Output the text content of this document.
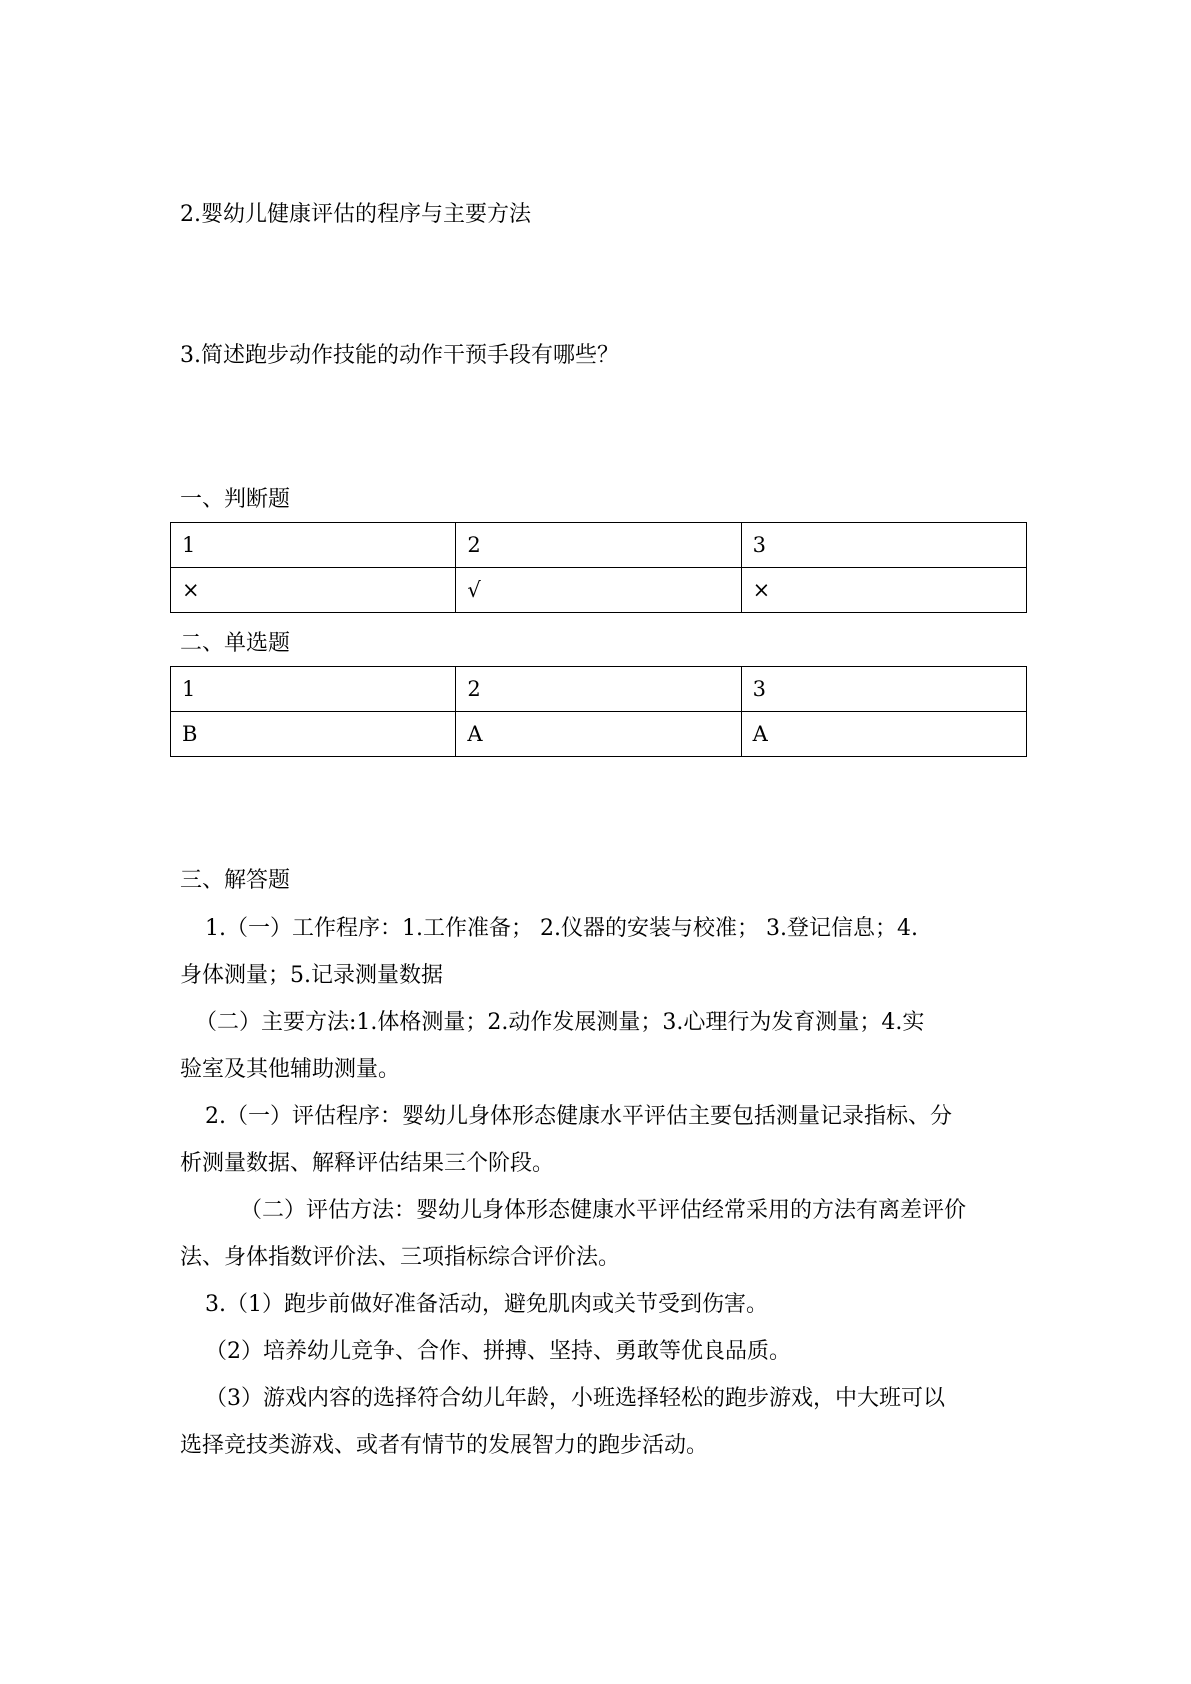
2.婴幼儿健康评估的程序与主要方法
3.简述跑步动作技能的动作干预手段有哪些？
一、判断题
1	2	3
×	√	×
二、单选题
1	2	3
B	A	A
三、解答题
1.（一）工作程序：1.工作准备； 2.仪器的安装与校准； 3.登记信息；4.
身体测量；5.记录测量数据
（二）主要方法:1.体格测量；2.动作发展测量；3.心理行为发育测量；4.实
验室及其他辅助测量。
2.（一）评估程序：婴幼儿身体形态健康水平评估主要包括测量记录指标、分
析测量数据、解释评估结果三个阶段。
（二）评估方法：婴幼儿身体形态健康水平评估经常采用的方法有离差评价
法、身体指数评价法、三项指标综合评价法。
3.（1）跑步前做好准备活动，避免肌肉或关节受到伤害。
（2）培养幼儿竞争、合作、拼搏、坚持、勇敢等优良品质。
（3）游戏内容的选择符合幼儿年龄，小班选择轻松的跑步游戏，中大班可以
选择竞技类游戏、或者有情节的发展智力的跑步活动。
